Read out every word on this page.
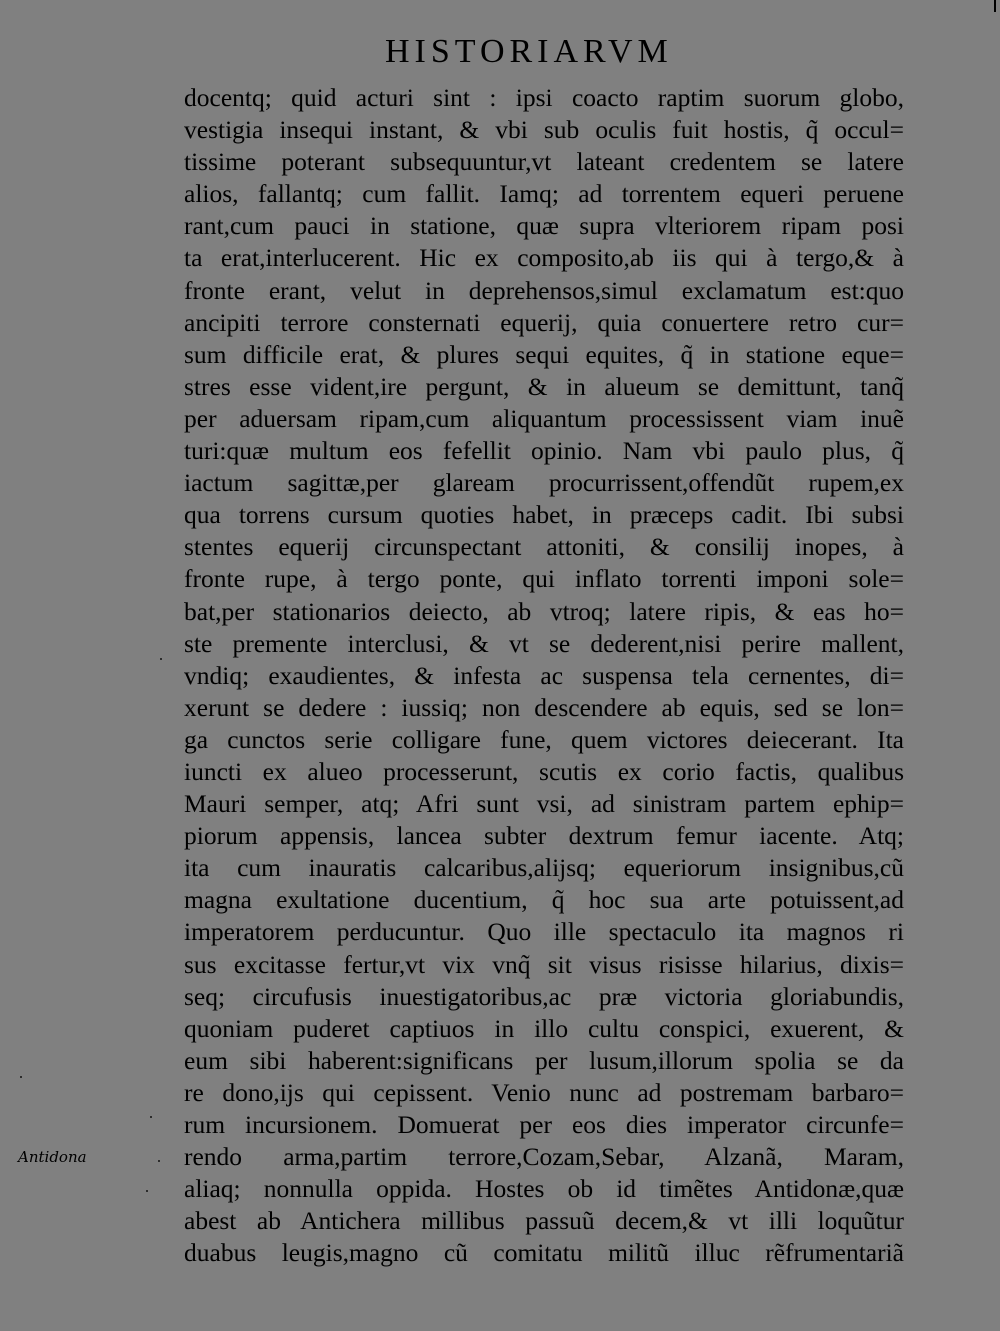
HISTORIARVM
docentq; quid acturi sint : ipsi coacto raptim suorum globo,
vestigia insequi instant, & vbi sub oculis fuit hostis, q̃ occul=
tissime poterant subsequuntur,vt lateant credentem se latere
alios, fallantq; cum fallit. Iamq; ad torrentem equeri peruene
rant,cum pauci in statione, quæ supra vlteriorem ripam posi
ta erat,interlucerent. Hic ex composito,ab iis qui à tergo,& à
fronte erant, velut in deprehensos,simul exclamatum est:quo
ancipiti terrore consternati equerij, quia conuertere retro cur=
sum difficile erat, & plures sequi equites, q̃ in statione eque=
stres esse vident,ire pergunt, & in alueum se demittunt, tanq̃
per aduersam ripam,cum aliquantum processissent viam inuẽ
turi:quæ multum eos fefellit opinio. Nam vbi paulo plus, q̃
iactum sagittæ,per glaream procurrissent,offendũt rupem,ex
qua torrens cursum quoties habet, in præceps cadit. Ibi subsi
stentes equerij circunspectant attoniti, & consilij inopes, à
fronte rupe, à tergo ponte, qui inflato torrenti imponi sole=
bat,per stationarios deiecto, ab vtroq; latere ripis, & eas ho=
ste premente interclusi, & vt se dederent,nisi perire mallent,
vndiq; exaudientes, & infesta ac suspensa tela cernentes, di=
xerunt se dedere : iussiq; non descendere ab equis, sed se lon=
ga cunctos serie colligare fune, quem victores deiecerant. Ita
iuncti ex alueo processerunt, scutis ex corio factis, qualibus
Mauri semper, atq; Afri sunt vsi, ad sinistram partem ephip=
piorum appensis, lancea subter dextrum femur iacente. Atq;
ita cum inauratis calcaribus,alijsq; equeriorum insignibus,cũ
magna exultatione ducentium, q̃ hoc sua arte potuissent,ad
imperatorem perducuntur. Quo ille spectaculo ita magnos ri
sus excitasse fertur,vt vix vnq̃ sit visus risisse hilarius, dixis=
seq; circufusis inuestigatoribus,ac præ victoria gloriabundis,
quoniam puderet captiuos in illo cultu conspici, exuerent, &
eum sibi haberent:significans per lusum,illorum spolia se da
re dono,ijs qui cepissent. Venio nunc ad postremam barbaro=
rum incursionem. Domuerat per eos dies imperator circunfe=
rendo arma,partim terrore,Cozam,Sebar, Alzanã, Maram,
aliaq; nonnulla oppida. Hostes ob id timẽtes Antidonæ,quæ
abest ab Antichera millibus passuũ decem,& vt illi loquũtur
duabus leugis,magno cũ comitatu militũ illuc rẽfrumentariã
Antidona
